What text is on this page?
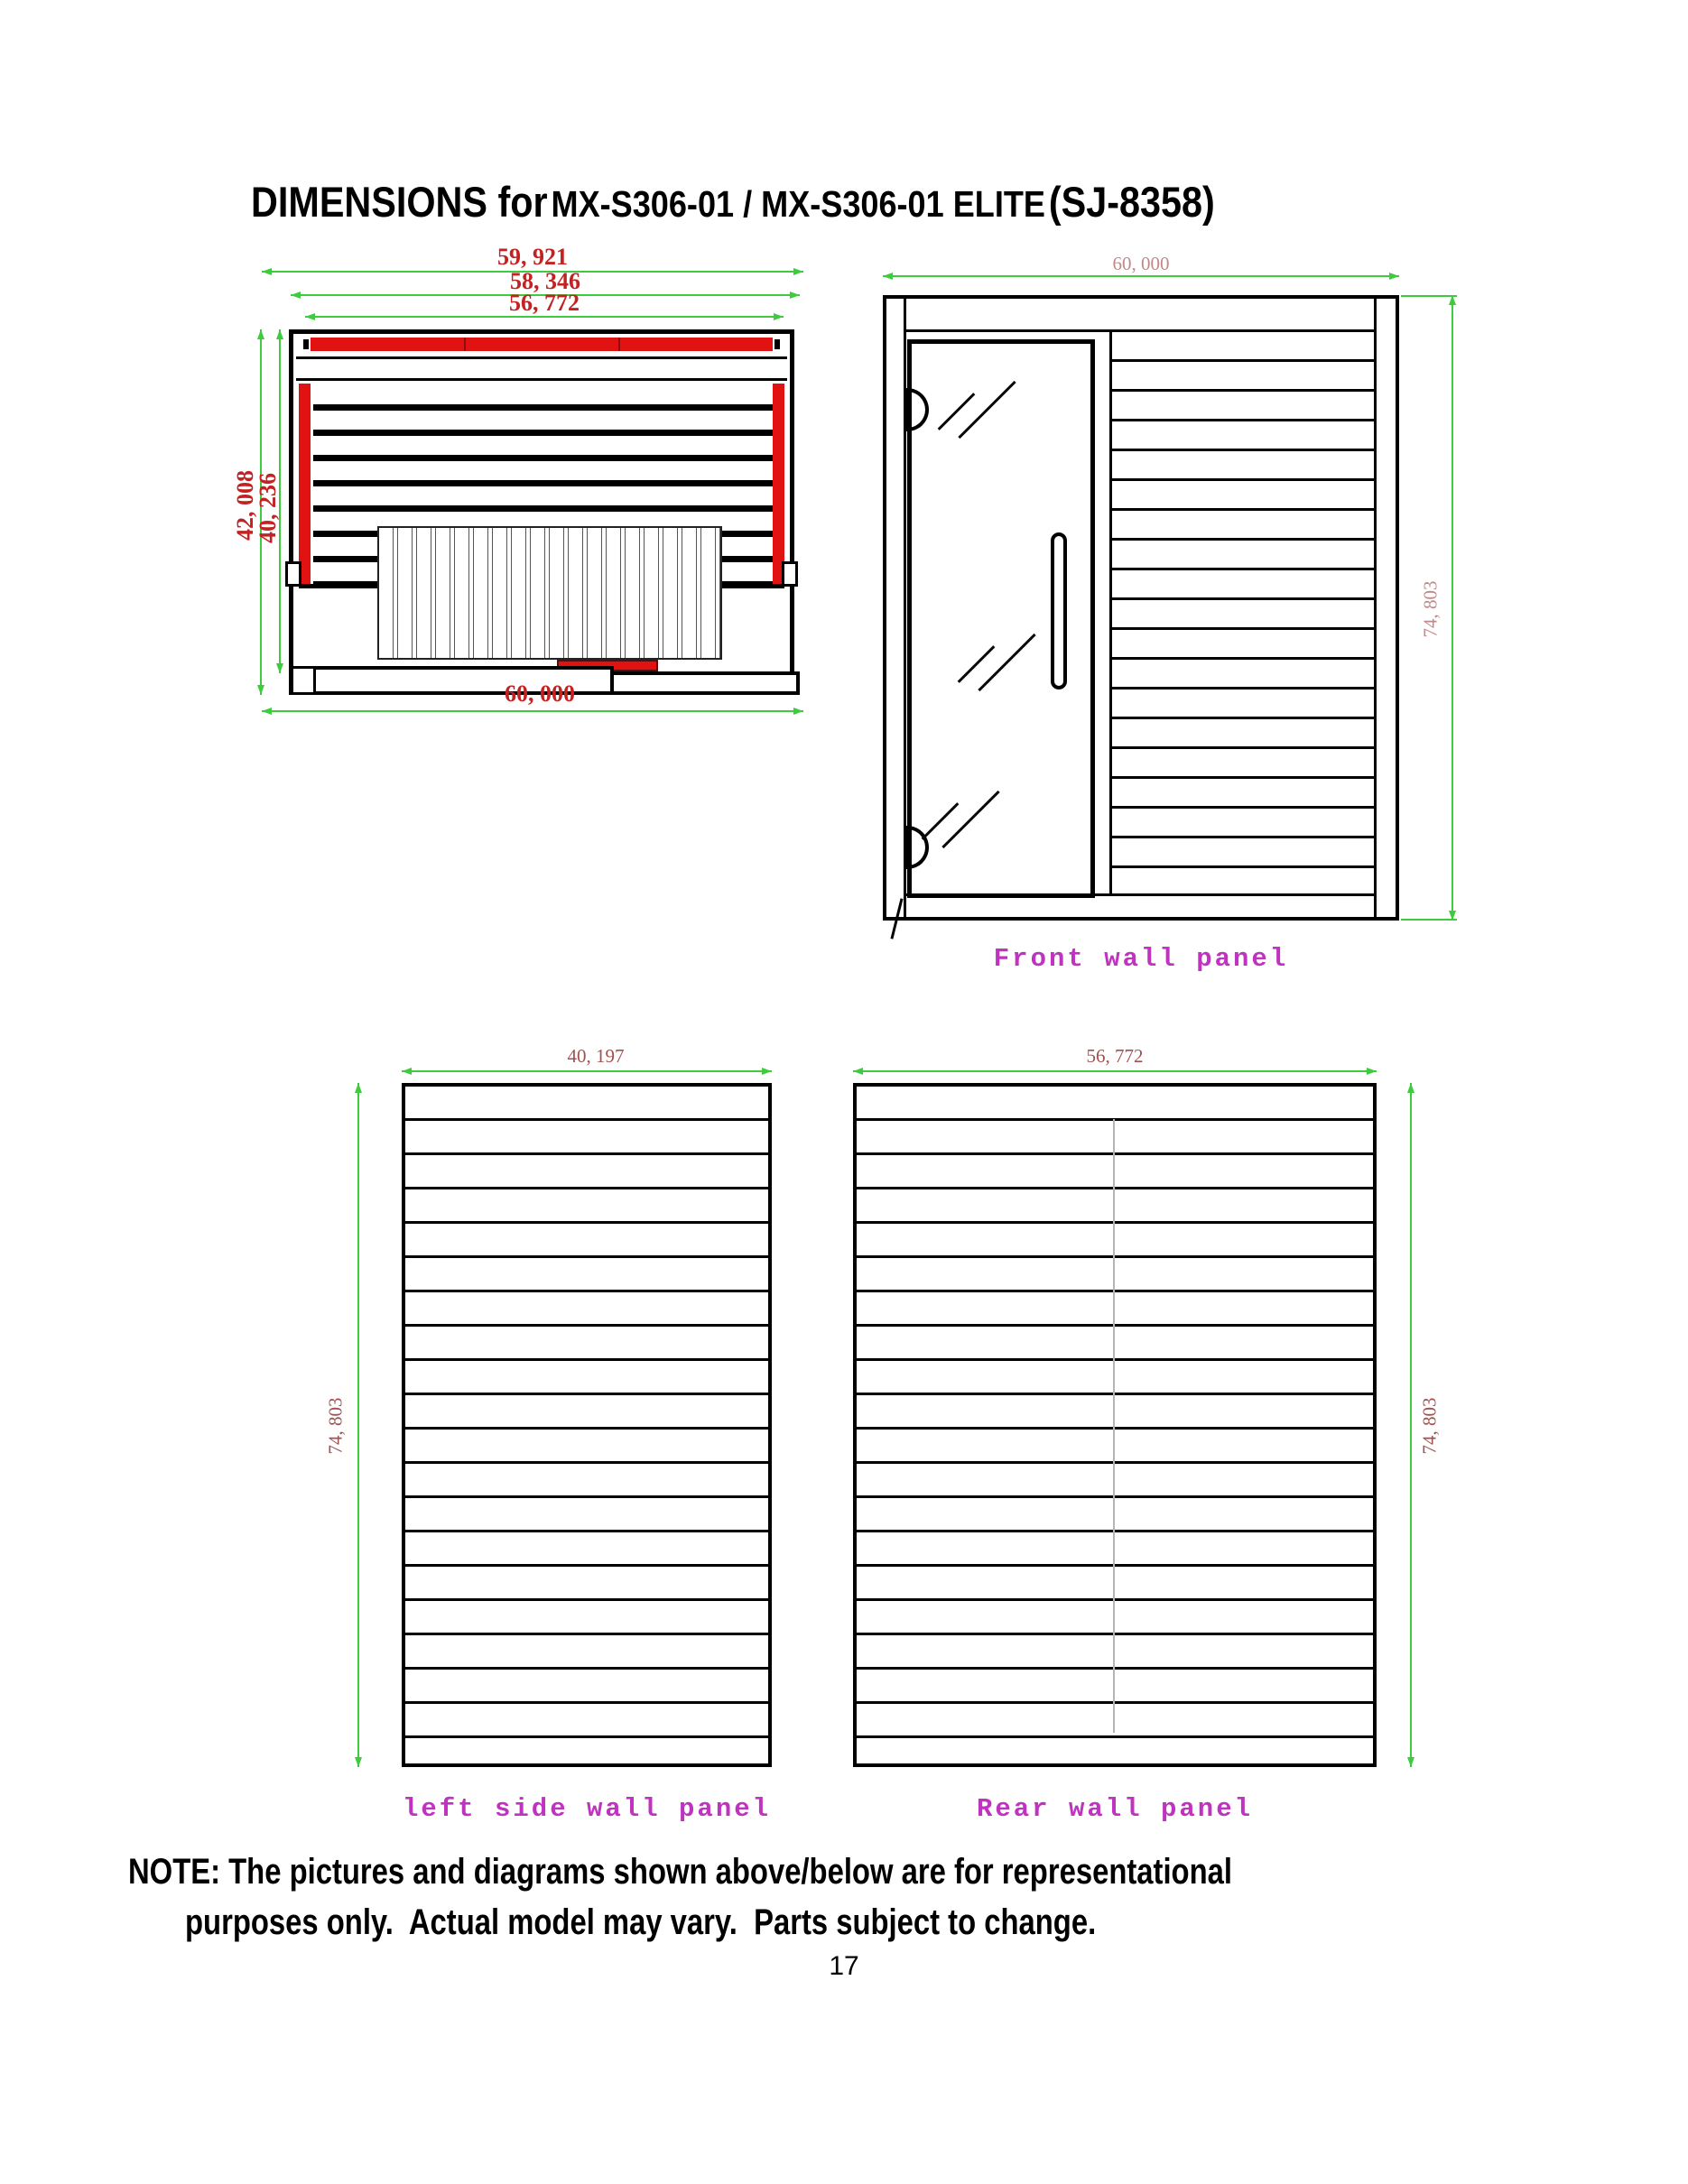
DIMENSIONS for MX-S306-01 / MX-S306-01 ELITE (SJ-8358)
59, 921
58, 346
56, 772
42, 008
40, 236
60, 000
60, 000
74, 803
Front wall panel
40, 197
74, 803
left side wall panel
56, 772
74, 803
Rear wall panel
NOTE: The pictures and diagrams shown above/below are for representational
purposes only.  Actual model may vary.  Parts subject to change.
17
